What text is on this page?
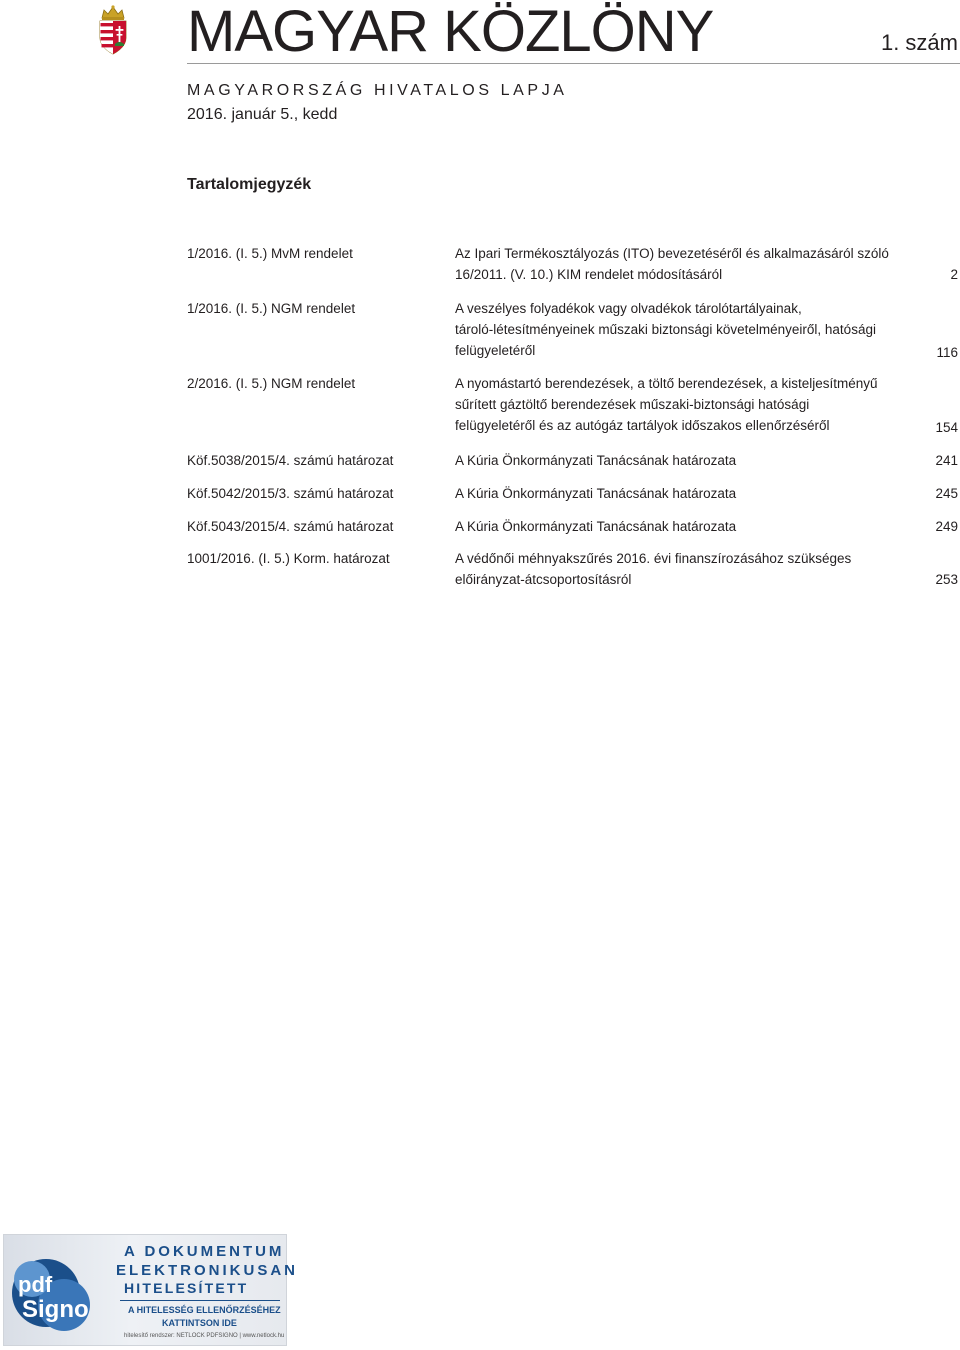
MAGYAR KÖZLÖNY	1. szám
MAGYARORSZÁG HIVATALOS LAPJA
2016. január 5., kedd
Tartalomjegyzék
1/2016. (I. 5.) MvM rendelet	Az Ipari Termékosztályozás (ITO) bevezetéséről és alkalmazásáról szóló
16/2011. (V. 10.) KIM rendelet módosításáról	2
1/2016. (I. 5.) NGM rendelet	A veszélyes folyadékok vagy olvadékok tárolótartályainak,
tároló-létesítményeinek műszaki biztonsági követelményeiről, hatósági
felügyeletéről	116
2/2016. (I. 5.) NGM rendelet	A nyomástartó berendezések, a töltő berendezések, a kisteljesítményű
sűrített gáztöltő berendezések műszaki-biztonsági hatósági
felügyeletéről és az autógáz tartályok időszakos ellenőrzéséről	154
Köf.5038/2015/4. számú határozat	A Kúria Önkormányzati Tanácsának határozata	241
Köf.5042/2015/3. számú határozat	A Kúria Önkormányzati Tanácsának határozata	245
Köf.5043/2015/4. számú határozat	A Kúria Önkormányzati Tanácsának határozata	249
1001/2016. (I. 5.) Korm. határozat	A védőnői méhnyakszűrés 2016. évi finanszírozásához szükséges
előirányzat-átcsoportosításról	253
pdf
Signo
A DOKUMENTUM
ELEKTRONIKUSAN
HITELESÍTETT
A HITELESSÉG ELLENŐRZÉSÉHEZ
KATTINTSON IDE
hitelesítő rendszer: NETLOCK PDFSIGNO | www.netlock.hu
